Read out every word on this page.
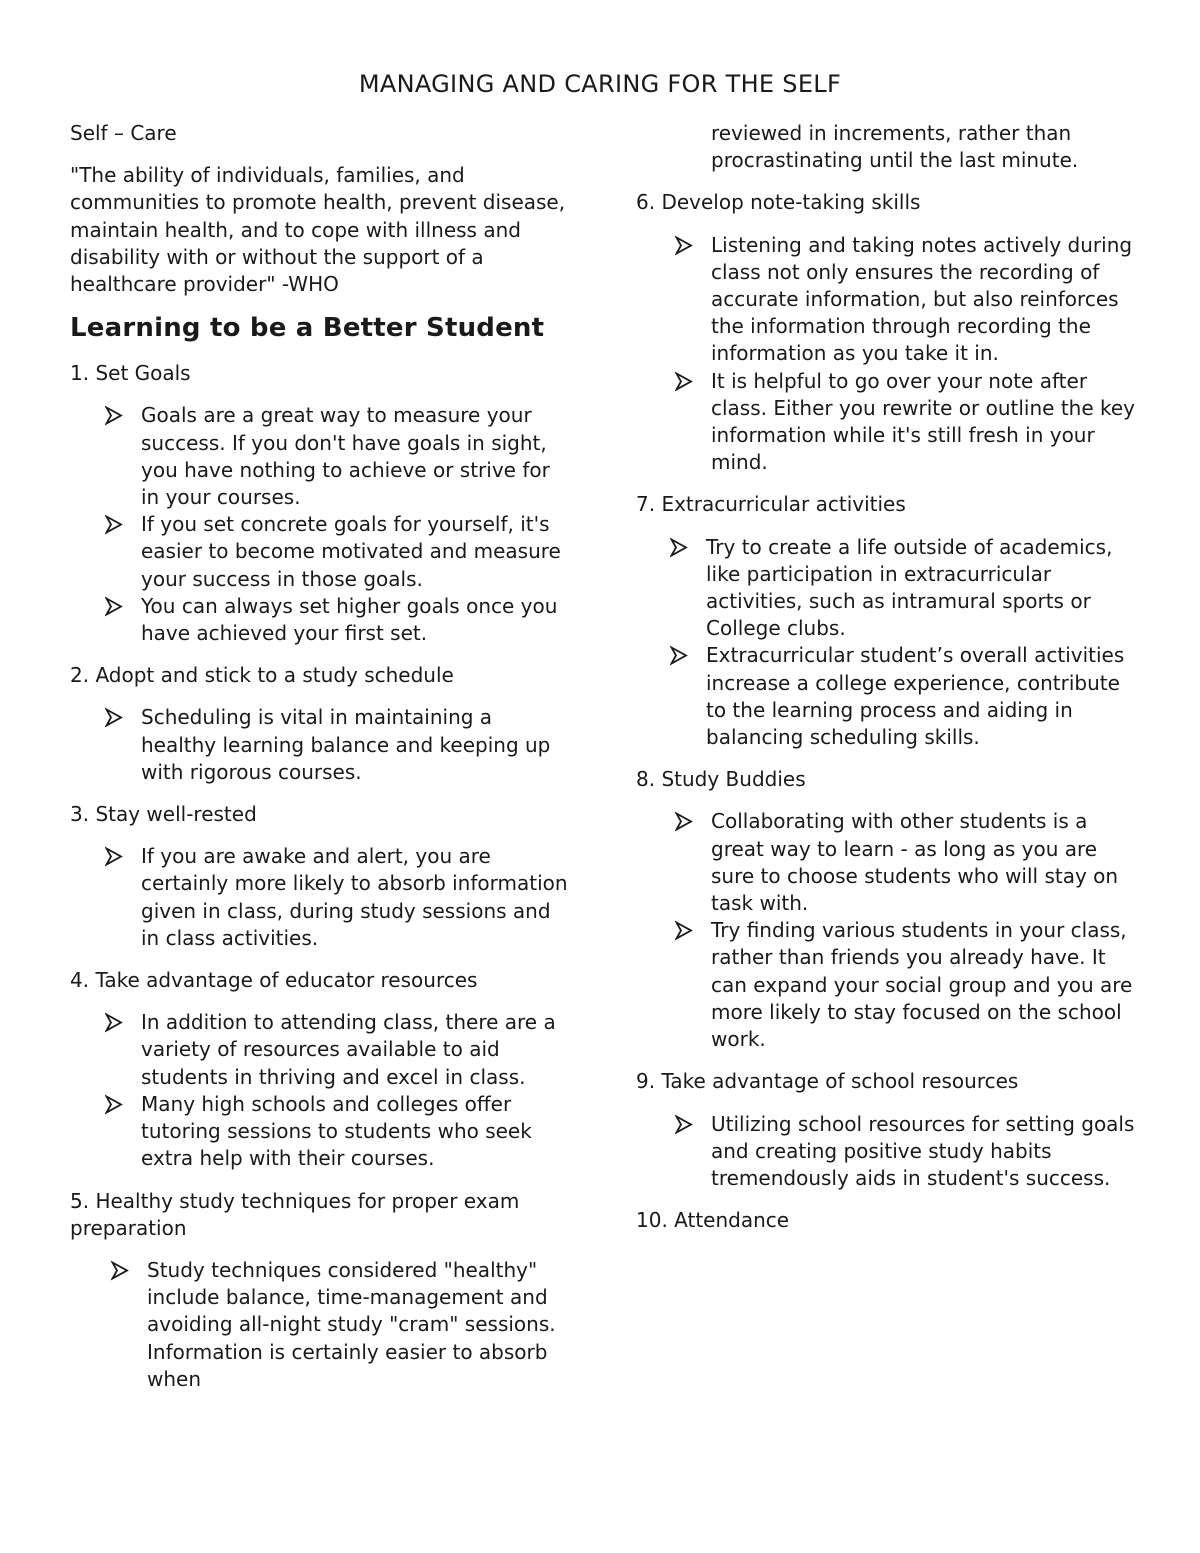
MANAGING AND CARING FOR THE SELF

Self – Care

"The ability of individuals, families, and communities to promote health, prevent disease, maintain health, and to cope with illness and disability with or without the support of a healthcare provider" -WHO

Learning to be a Better Student

1. Set Goals

Goals are a great way to measure your success. If you don't have goals in sight, you have nothing to achieve or strive for in your courses.
If you set concrete goals for yourself, it's easier to become motivated and measure your success in those goals.
You can always set higher goals once you have achieved your first set.

2. Adopt and stick to a study schedule

Scheduling is vital in maintaining a healthy learning balance and keeping up with rigorous courses.

3. Stay well-rested

If you are awake and alert, you are certainly more likely to absorb information given in class, during study sessions and in class activities.

4. Take advantage of educator resources

In addition to attending class, there are a variety of resources available to aid students in thriving and excel in class.
Many high schools and colleges offer tutoring sessions to students who seek extra help with their courses.

5. Healthy study techniques for proper exam preparation

Study techniques considered "healthy" include balance, time-management and avoiding all-night study "cram" sessions. Information is certainly easier to absorb when

reviewed in increments, rather than procrastinating until the last minute.

6. Develop note-taking skills

Listening and taking notes actively during class not only ensures the recording of accurate information, but also reinforces the information through recording the information as you take it in.
It is helpful to go over your note after class. Either you rewrite or outline the key information while it's still fresh in your mind.

7. Extracurricular activities

Try to create a life outside of academics, like participation in extracurricular activities, such as intramural sports or College clubs.
Extracurricular student’s overall activities increase a college experience, contribute to the learning process and aiding in balancing scheduling skills.

8. Study Buddies

Collaborating with other students is a great way to learn - as long as you are sure to choose students who will stay on task with.
Try finding various students in your class, rather than friends you already have. It can expand your social group and you are more likely to stay focused on the school work.

9. Take advantage of school resources

Utilizing school resources for setting goals and creating positive study habits tremendously aids in student's success.

10. Attendance
